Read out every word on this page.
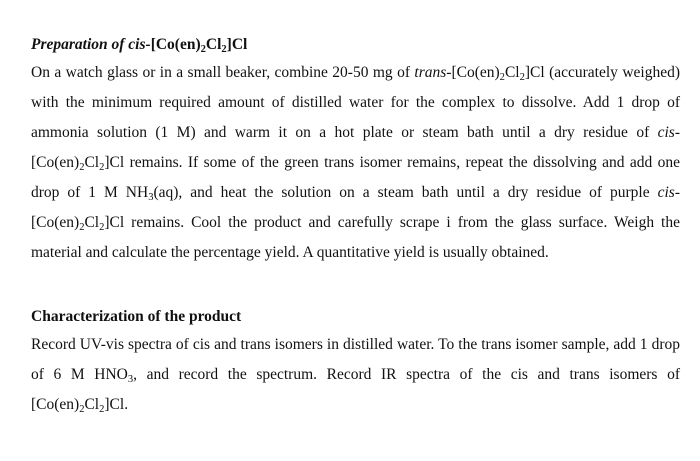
Preparation of cis-$[Co(en)_2Cl_2]Cl$

On a watch glass or in a small beaker, combine 20-50 mg of trans-$[Co(en)_2Cl_2]Cl$ (accurately weighed) with the minimum required amount of distilled water for the complex to dissolve. Add 1 drop of ammonia solution (1 M) and warm it on a hot plate or steam bath until a dry residue of cis-$[Co(en)_2Cl_2]Cl$ remains. If some of the green trans isomer remains, repeat the dissolving and add one drop of 1 M $NH_3(aq)$, and heat the solution on a steam bath until a dry residue of purple cis-$[Co(en)_2Cl_2]Cl$ remains. Cool the product and carefully scrape i from the glass surface. Weigh the material and calculate the percentage yield. A quantitative yield is usually obtained.

Characterization of the product

Record UV-vis spectra of cis and trans isomers in distilled water. To the trans isomer sample, add 1 drop of 6 M $HNO_3$, and record the spectrum. Record IR spectra of the cis and trans isomers of $[Co(en)_2Cl_2]Cl$.
